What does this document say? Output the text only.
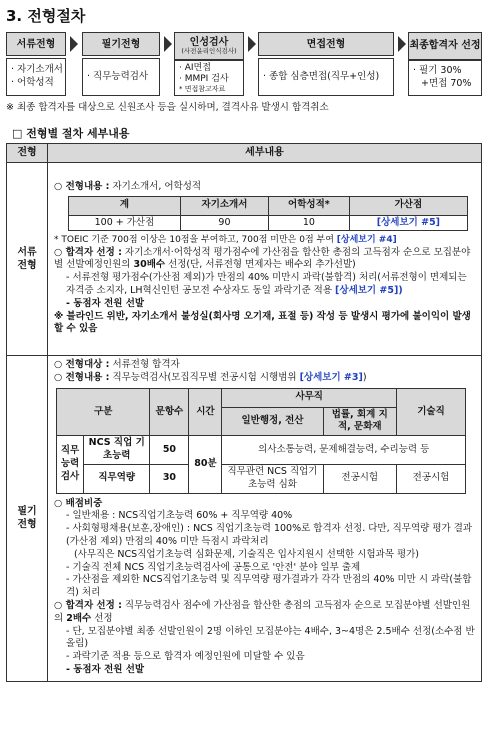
3. 전형절차
서류전형
· 자기소개서
· 어학성적
필기전형
· 직무능력검사
인성검사
(사전윤리인식검사)
· AI면접
· MMPI 검사
* 면접참고자료
면접전형
· 종합 심층면접(직무+인성)
최종합격자 선정
· 필기 30%
+면접 70%
※ 최종 합격자를 대상으로 신원조사 등을 실시하며, 결격사유 발생시 합격취소
□ 전형별 절차 세부내용
전형	세부내용

서류 전형

○ 전형내용 : 자기소개서, 어학성적

계	자기소개서	어학성적*	가산점
100 + 가산점	90	10	[상세보기 #5]

* TOEIC 기준 700점 이상은 10점을 부여하고, 700점 미만은 0점 부여 [상세보기 #4]

○ 합격자 선정 : 자기소개서·어학성적 평가점수에 가산점을 합산한 총점의 고득점자 순으로 모집분야별 선발예정인원의 30배수 선정(단, 서류전형 면제자는 배수외 추가선발)

- 서류전형 평가점수(가산점 제외)가 만점의 40% 미만시 과락(불합격) 처리(서류전형이 면제되는 자격증 소지자, LH혁신인턴 공모전 수상자도 동일 과락기준 적용 [상세보기 #5])

- 동점자 전원 선발

※ 블라인드 위반, 자기소개서 불성실(회사명 오기재, 표절 등) 작성 등 발생시 평가에 불이익이 발생할 수 있음

필기 전형

○ 전형대상 : 서류전형 합격자

○ 전형내용 : 직무능력검사(모집직무별 전공시험 시행범위 [상세보기 #3])

구분	문항수	시간	사무직	기술직
일반행정, 전산	법률, 회계 지적, 문화재
직무 능력 검사	NCS 직업 기초능력	50	80분	의사소통능력, 문제해결능력, 수리능력 등
직무역량	30	직무관련 NCS 직업기초능력 심화	전공시험	전공시험

○ 배점비중

- 일반채용 : NCS직업기초능력 60% + 직무역량 40%

- 사회형평채용(보훈,장애인) : NCS 직업기초능력 100%로 합격자 선정. 다만, 직무역량 평가 결과(가산점 제외) 만점의 40% 미만 득점시 과락처리

(사무직은 NCS직업기초능력 심화문제, 기술직은 입사지원시 선택한 시험과목 평가)

- 기술직 전체 NCS 직업기초능력검사에 공통으로 '안전' 분야 일부 출제

- 가산점을 제외한 NCS직업기초능력 및 직무역량 평가결과가 각각 만점의 40% 미만 시 과락(불합격) 처리

○ 합격자 선정 : 직무능력검사 점수에 가산점을 합산한 총점의 고득점자 순으로 모집분야별 선발인원의 2배수 선정

- 단, 모집분야별 최종 선발인원이 2명 이하인 모집분야는 4배수, 3~4명은 2.5배수 선정(소수점 반올림)

- 과락기준 적용 등으로 합격자 예정인원에 미달할 수 있음

- 동점자 전원 선발
